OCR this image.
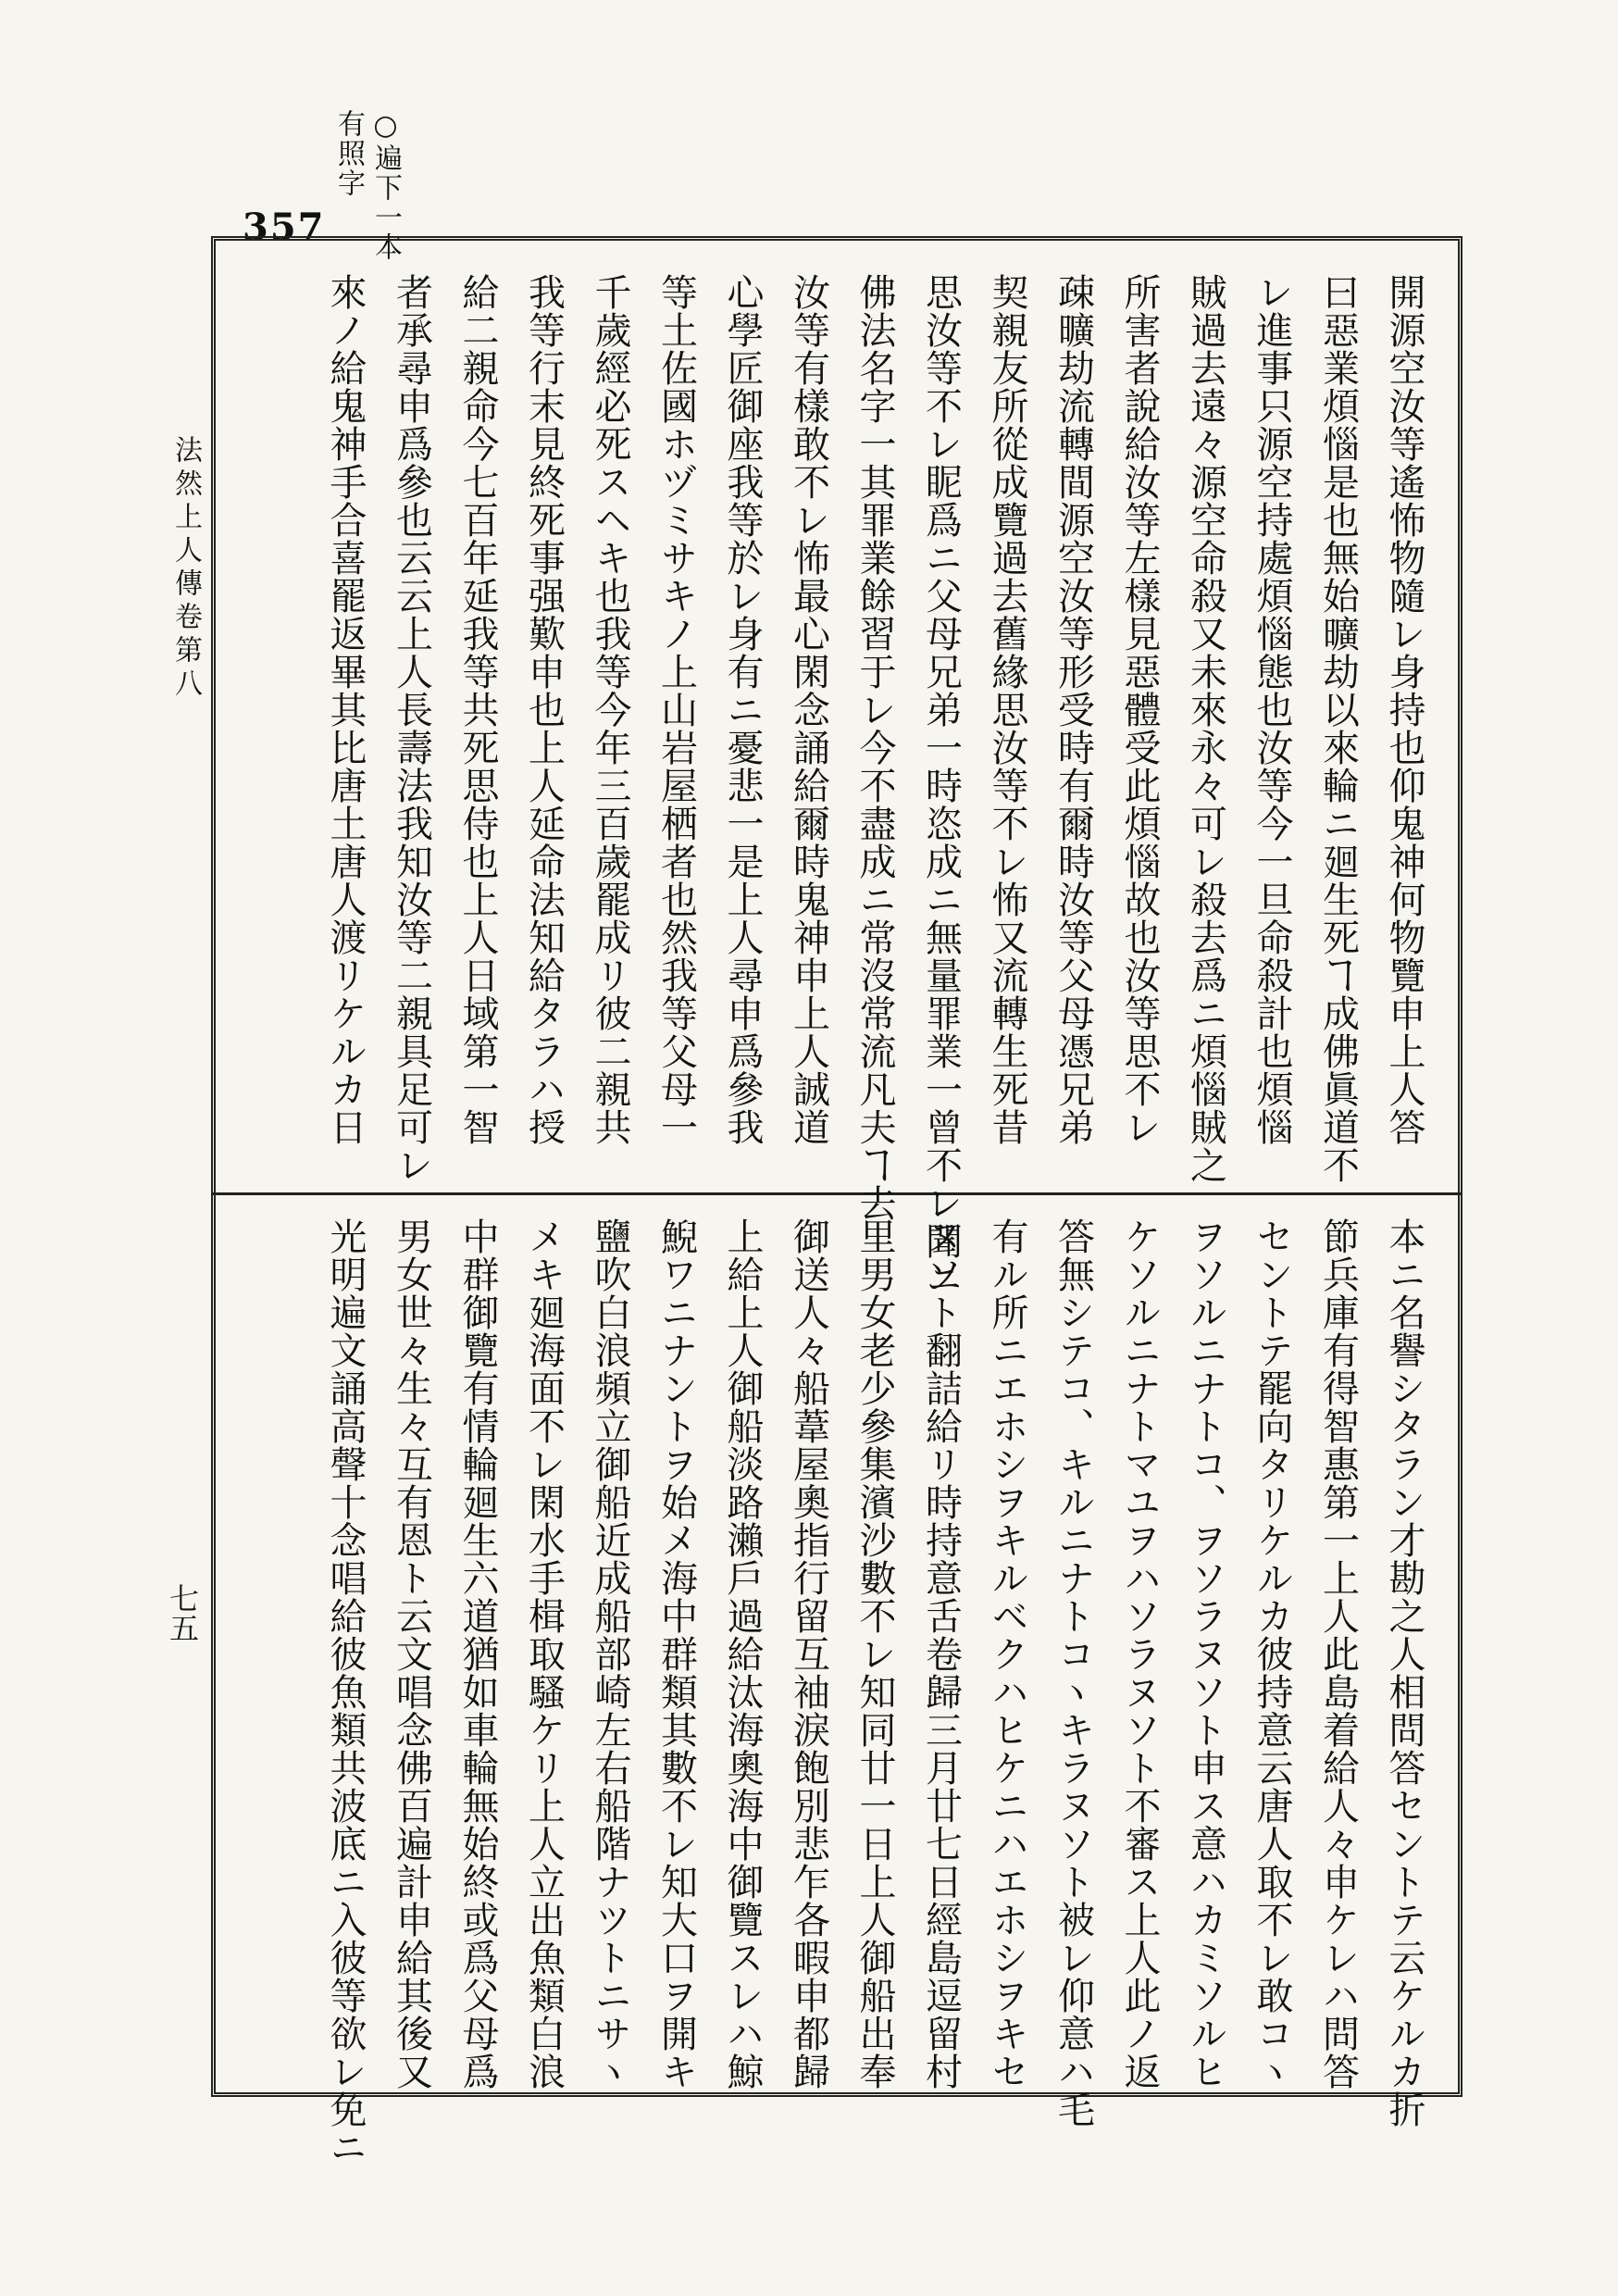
357 ○遍下一本
有照字
法然上人傳卷第八
七五
開源空汝等遙怖物隨レ身持也仰鬼神何物覽申上人答
曰惡業煩惱是也無始曠劫以來輪ニ廻生死ヿ成佛眞道不
レ進事只源空持處煩惱態也汝等今一旦命殺計也煩惱
賊過去遠々源空命殺又未來永々可レ殺去爲ニ煩惱賊之
所害者說給汝等左樣見惡體受此煩惱故也汝等思不レ
疎曠劫流轉間源空汝等形受時有爾時汝等父母憑兄弟
契親友所從成覽過去舊緣思汝等不レ怖又流轉生死昔
思汝等不レ眤爲ニ父母兄弟一時恣成ニ無量罪業一曾不レ聞ニ
佛法名字一其罪業餘習于レ今不盡成ニ常沒常流凡夫ヿ去
汝等有樣敢不レ怖最心閑念誦給爾時鬼神申上人誠道
心學匠御座我等於レ身有ニ憂悲一是上人尋申爲參我
等土佐國ホヅミサキノ上山岩屋栖者也然我等父母一
千歲經必死スヘキ也我等今年三百歲罷成リ彼二親共
我等行末見終死事强歎申也上人延命法知給タラハ授
給二親命今七百年延我等共死思侍也上人日域第一智
者承尋申爲參也云云上人長壽法我知汝等二親具足可レ
來ノ給鬼神手合喜罷返畢其比唐土唐人渡リケルカ日
本ニ名譽シタラン才勘之人相問答セントテ云ケルカ折
節兵庫有得智惠第一上人此島着給人々申ケレハ問答
セントテ罷向タリケルカ彼持意云唐人取不レ敢コヽ
ヲソルニナトコ、ヲソラヌソト申ス意ハカミソルヒ
ケソルニナトマユヲハソラヌソト不審ス上人此ノ返
答無シテコ、キルニナトコヽキラヌソト被レ仰意ハ毛
有ル所ニエホシヲキルベクハヒケニハエホシヲキセ
ヌソト翻詰給リ時持意舌卷歸三月廿七日經島逗留村
里男女老少參集濱沙數不レ知同廿一日上人御船出奉
御送人々船葦屋奧指行留互袖淚飽別悲乍各暇申都歸
上給上人御船淡路瀨戶過給汰海奧海中御覽スレハ鯨
鯢ワニナントヲ始メ海中群類其數不レ知大口ヲ開キ
鹽吹白浪頻立御船近成船部崎左右船階ナツトニサヽ
メキ廻海面不レ閑水手楫取騷ケリ上人立出魚類白浪
中群御覽有情輪廻生六道猶如車輪無始終或爲父母爲
男女世々生々互有恩ト云文唱念佛百遍計申給其後又
光明遍文誦高聲十念唱給彼魚類共波底ニ入彼等欲レ免ニ
